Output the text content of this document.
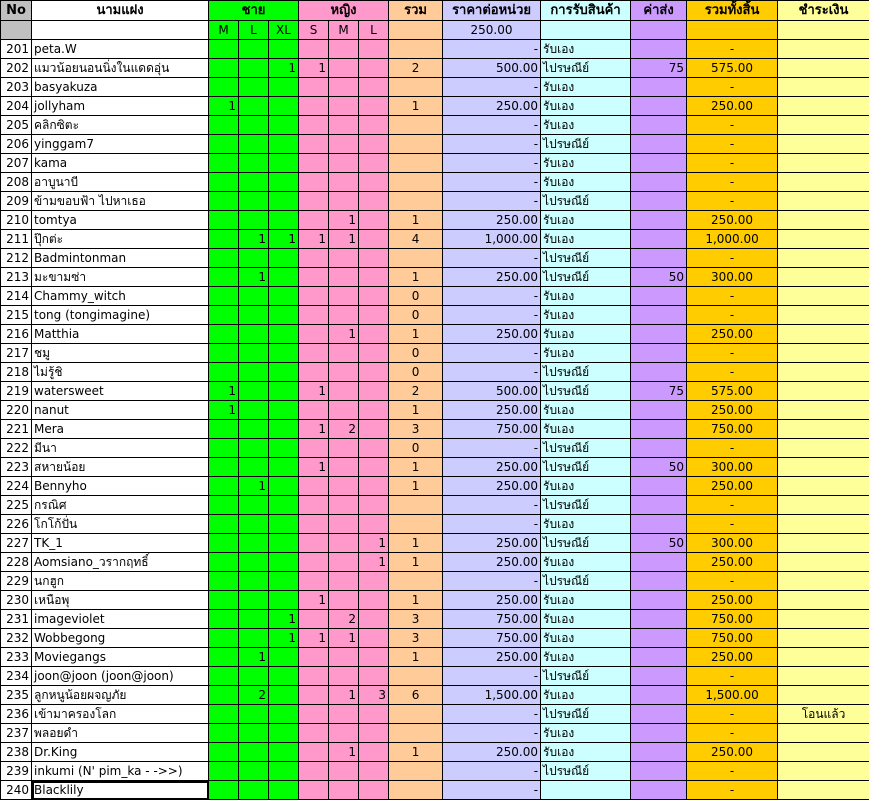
No	นามแฝง	ชาย			หญิง			รวม	ราคาต่อหน่วย	การรับสินค้า	ค่าส่ง	รวมทั้งสิ้น	ชำระเงิน
		M	L	XL	S	M	L		250.00				
201	peta.W								-	รับเอง		-	
202	แมวน้อยนอนนิ่งในแดดอุ่น			1	1			2	500.00	ไปรษณีย์	75	575.00	
203	basyakuza								-	รับเอง		-	
204	jollyham	1						1	250.00	รับเอง		250.00	
205	คลิกซิตะ								-	รับเอง		-	
206	yinggam7								-	ไปรษณีย์		-	
207	kama								-	รับเอง		-	
208	อาบูนาบี								-	รับเอง		-	
209	ข้ามขอบฟ้า ไปหาเธอ								-	ไปรษณีย์		-	
210	tomtya					1		1	250.00	รับเอง		250.00	
211	ปุ๊กต่ะ		1	1	1	1		4	1,000.00	รับเอง		1,000.00	
212	Badmintonman								-	ไปรษณีย์		-	
213	มะขามซ่า		1					1	250.00	ไปรษณีย์	50	300.00	
214	Chammy_witch							0	-	รับเอง		-	
215	tong (tongimagine)							0	-	รับเอง		-	
216	Matthia					1		1	250.00	รับเอง		250.00	
217	ชมู							0	-	รับเอง		-	
218	ไม่รู้ชิ							0	-	ไปรษณีย์		-	
219	watersweet	1			1			2	500.00	ไปรษณีย์	75	575.00	
220	nanut	1						1	250.00	รับเอง		250.00	
221	Mera				1	2		3	750.00	รับเอง		750.00	
222	มีนา							0	-	ไปรษณีย์		-	
223	สหายน้อย				1			1	250.00	ไปรษณีย์	50	300.00	
224	Bennyho		1					1	250.00	รับเอง		250.00	
225	กรณิศ								-	ไปรษณีย์		-	
226	โกโก้ปั่น								-	รับเอง		-	
227	TK_1						1	1	250.00	ไปรษณีย์	50	300.00	
228	Aomsiano_วรากฤทธิ์						1	1	250.00	รับเอง		250.00	
229	นกฮูก								-	ไปรษณีย์		-	
230	เหนือพุ				1			1	250.00	รับเอง		250.00	
231	imageviolet			1		2		3	750.00	รับเอง		750.00	
232	Wobbegong			1	1	1		3	750.00	รับเอง		750.00	
233	Moviegangs		1					1	250.00	รับเอง		250.00	
234	joon@joon (joon@joon)								-	ไปรษณีย์		-	
235	ลูกหนูน้อยผจญภัย		2			1	3	6	1,500.00	รับเอง		1,500.00	
236	เข้ามาครองโลก								-	ไปรษณีย์		-	โอนแล้ว
237	พลอยดำ								-	รับเอง		-	
238	Dr.King					1		1	250.00	รับเอง		250.00	
239	inkumi (N' pim_ka - ->>)								-	ไปรษณีย์		-	
240	Blacklily								-			-	
